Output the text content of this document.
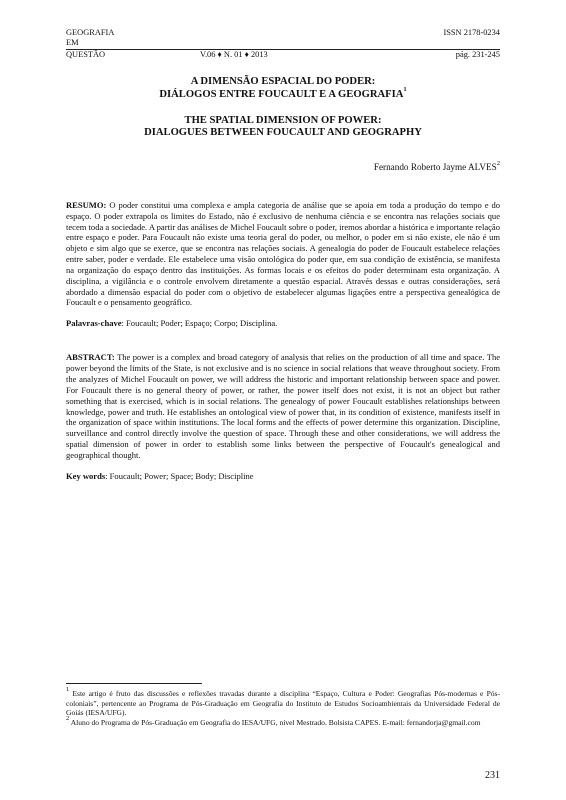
GEOGRAFIA	ISSN 2178-0234
EM
QUESTÃO	V.06 ♦ N. 01 ♦ 2013	pág. 231-245
A DIMENSÃO ESPACIAL DO PODER:
DIÁLOGOS ENTRE FOUCAULT E A GEOGRAFIA$^1$
THE SPATIAL DIMENSION OF POWER:
DIALOGUES BETWEEN FOUCAULT AND GEOGRAPHY
Fernando Roberto Jayme ALVES$^2$
RESUMO: O poder constitui uma complexa e ampla categoria de análise que se apoia em toda a produção do tempo e do espaço. O poder extrapola os limites do Estado, não é exclusivo de nenhuma ciência e se encontra nas relações sociais que tecem toda a sociedade. A partir das análises de Michel Foucault sobre o poder, iremos abordar a histórica e importante relação entre espaço e poder. Para Foucault não existe uma teoria geral do poder, ou melhor, o poder em si não existe, ele não é um objeto e sim algo que se exerce, que se encontra nas relações sociais. A genealogia do poder de Foucault estabelece relações entre saber, poder e verdade. Ele estabelece uma visão ontológica do poder que, em sua condição de existência, se manifesta na organização do espaço dentro das instituições. As formas locais e os efeitos do poder determinam esta organização. A disciplina, a vigilância e o controle envolvem diretamente a questão espacial. Através dessas e outras considerações, será abordado a dimensão espacial do poder com o objetivo de estabelecer algumas ligações entre a perspectiva genealógica de Foucault e o pensamento geográfico.
Palavras-chave: Foucault; Poder; Espaço; Corpo; Disciplina.
ABSTRACT: The power is a complex and broad category of analysis that relies on the production of all time and space. The power beyond the limits of the State, is not exclusive and is no science in social relations that weave throughout society. From the analyzes of Michel Foucault on power, we will address the historic and important relationship between space and power. For Foucault there is no general theory of power, or rather, the power itself does not exist, it is not an object but rather something that is exercised, which is in social relations. The genealogy of power Foucault establishes relationships between knowledge, power and truth. He establishes an ontological view of power that, in its condition of existence, manifests itself in the organization of space within institutions. The local forms and the effects of power determine this organization. Discipline, surveillance and control directly involve the question of space. Through these and other considerations, we will address the spatial dimension of power in order to establish some links between the perspective of Foucault's genealogical and geographical thought.
Key words: Foucault; Power; Space; Body; Discipline
$^1$ Este artigo é fruto das discussões e reflexões travadas durante a disciplina “Espaço, Cultura e Poder: Geografias Pós-modernas e Pós-coloniais”, pertencente ao Programa de Pós-Graduação em Geografia do Instituto de Estudos Socioambientais da Universidade Federal de Goiás (IESA/UFG).
$^2$ Aluno do Programa de Pós-Graduação em Geografia do IESA/UFG, nível Mestrado. Bolsista CAPES. E-mail: fernandorja@gmail.com
231
